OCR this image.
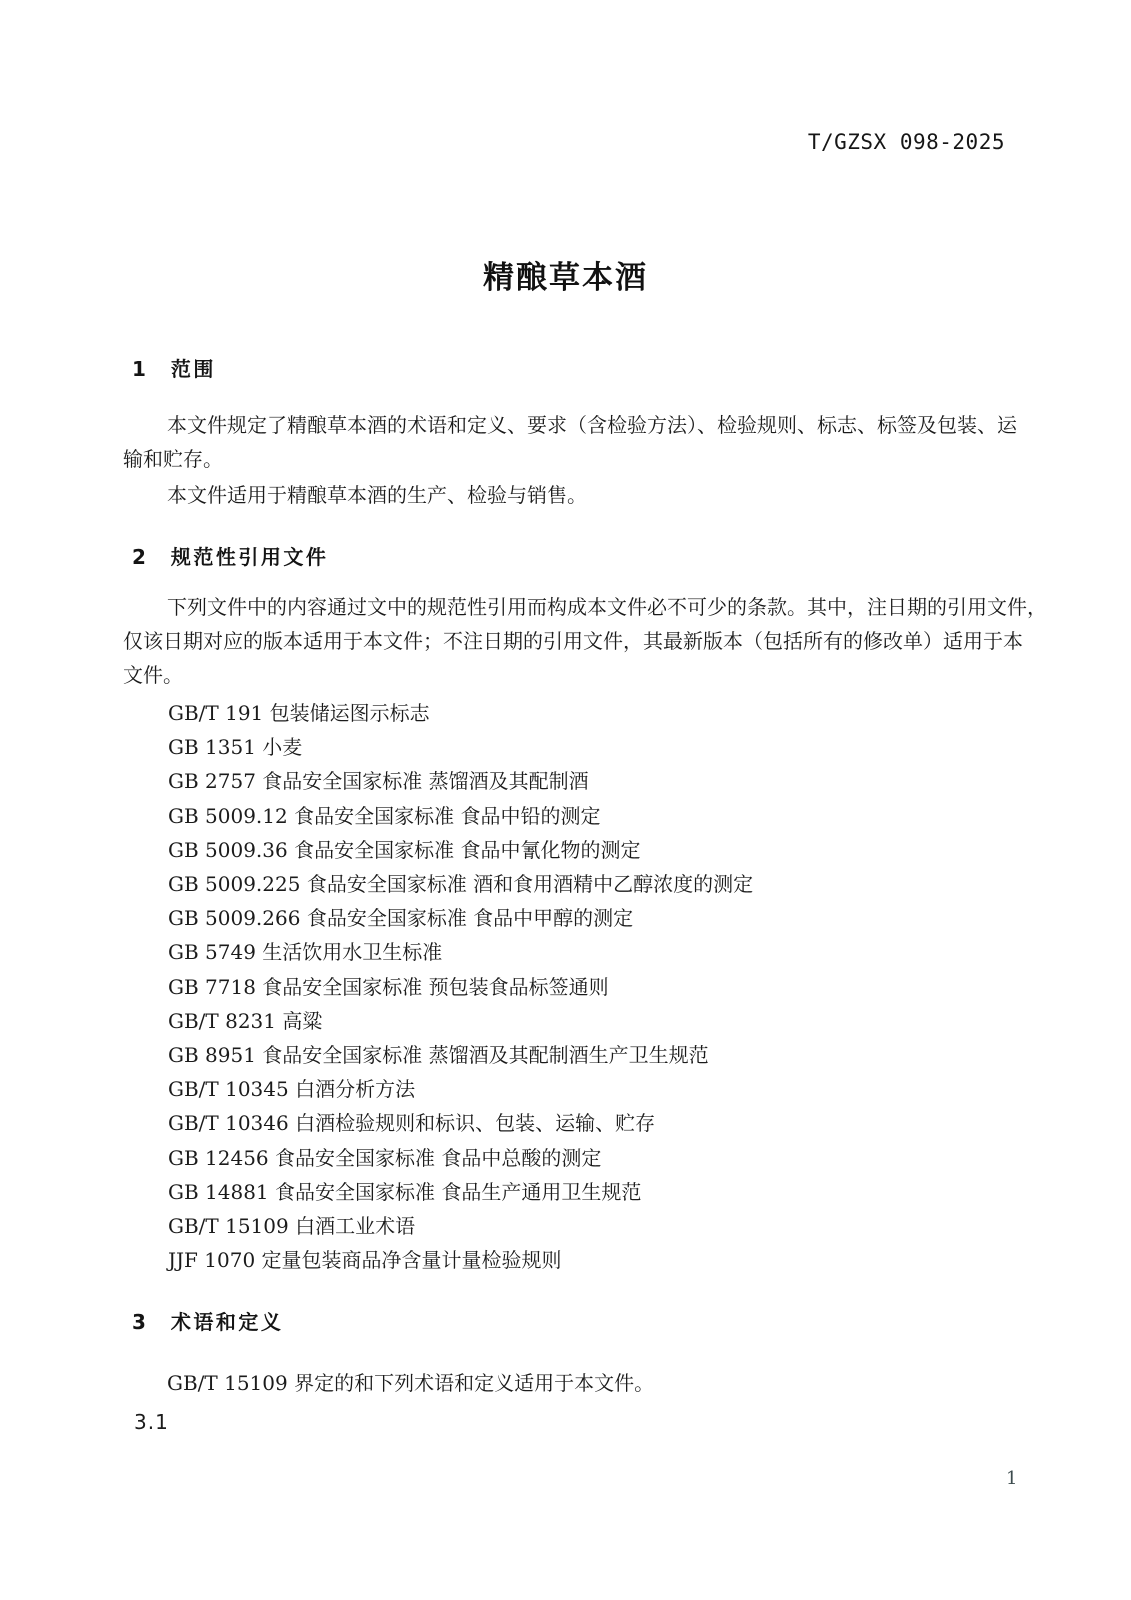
T/GZSX 098-2025
精酿草本酒
1 范围
本文件规定了精酿草本酒的术语和定义、要求（含检验方法）、检验规则、标志、标签及包装、运
输和贮存。
本文件适用于精酿草本酒的生产、检验与销售。
2 规范性引用文件
下列文件中的内容通过文中的规范性引用而构成本文件必不可少的条款。其中，注日期的引用文件，
仅该日期对应的版本适用于本文件；不注日期的引用文件，其最新版本（包括所有的修改单）适用于本
文件。
GB/T 191 包装储运图示标志
GB 1351 小麦
GB 2757 食品安全国家标准 蒸馏酒及其配制酒
GB 5009.12 食品安全国家标准 食品中铅的测定
GB 5009.36 食品安全国家标准 食品中氰化物的测定
GB 5009.225 食品安全国家标准 酒和食用酒精中乙醇浓度的测定
GB 5009.266 食品安全国家标准 食品中甲醇的测定
GB 5749 生活饮用水卫生标准
GB 7718 食品安全国家标准 预包装食品标签通则
GB/T 8231 高粱
GB 8951 食品安全国家标准 蒸馏酒及其配制酒生产卫生规范
GB/T 10345 白酒分析方法
GB/T 10346 白酒检验规则和标识、包装、运输、贮存
GB 12456 食品安全国家标准 食品中总酸的测定
GB 14881 食品安全国家标准 食品生产通用卫生规范
GB/T 15109 白酒工业术语
JJF 1070 定量包装商品净含量计量检验规则
3 术语和定义
GB/T 15109 界定的和下列术语和定义适用于本文件。
3.1
1
